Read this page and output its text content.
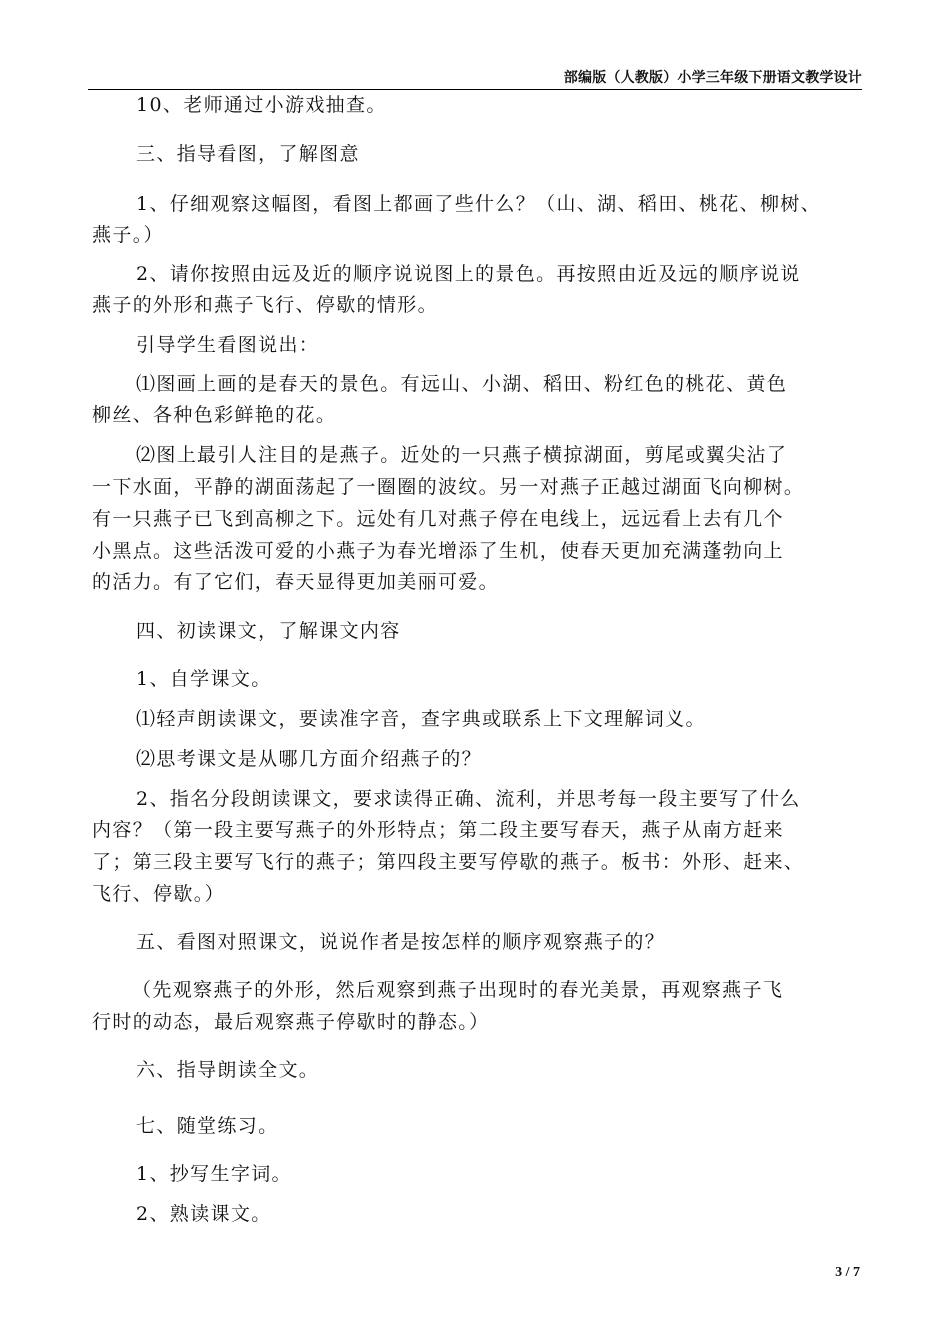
部编版（人教版）小学三年级下册语文教学设计
10、老师通过小游戏抽查。
三、指导看图，了解图意
1、仔细观察这幅图，看图上都画了些什么？（山、湖、稻田、桃花、柳树、
燕子。）
2、请你按照由远及近的顺序说说图上的景色。再按照由近及远的顺序说说
燕子的外形和燕子飞行、停歇的情形。
引导学生看图说出：
⑴图画上画的是春天的景色。有远山、小湖、稻田、粉红色的桃花、黄色
柳丝、各种色彩鲜艳的花。
⑵图上最引人注目的是燕子。近处的一只燕子横掠湖面，剪尾或翼尖沾了
一下水面，平静的湖面荡起了一圈圈的波纹。另一对燕子正越过湖面飞向柳树。
有一只燕子已飞到高柳之下。远处有几对燕子停在电线上，远远看上去有几个
小黑点。这些活泼可爱的小燕子为春光增添了生机，使春天更加充满蓬勃向上
的活力。有了它们，春天显得更加美丽可爱。
四、初读课文，了解课文内容
1、自学课文。
⑴轻声朗读课文，要读准字音，查字典或联系上下文理解词义。
⑵思考课文是从哪几方面介绍燕子的？
2、指名分段朗读课文，要求读得正确、流利，并思考每一段主要写了什么
内容？（第一段主要写燕子的外形特点；第二段主要写春天，燕子从南方赶来
了；第三段主要写飞行的燕子；第四段主要写停歇的燕子。板书：外形、赶来、
飞行、停歇。）
五、看图对照课文，说说作者是按怎样的顺序观察燕子的？
（先观察燕子的外形，然后观察到燕子出现时的春光美景，再观察燕子飞
行时的动态，最后观察燕子停歇时的静态。）
六、指导朗读全文。
七、随堂练习。
1、抄写生字词。
2、熟读课文。
3 / 7
